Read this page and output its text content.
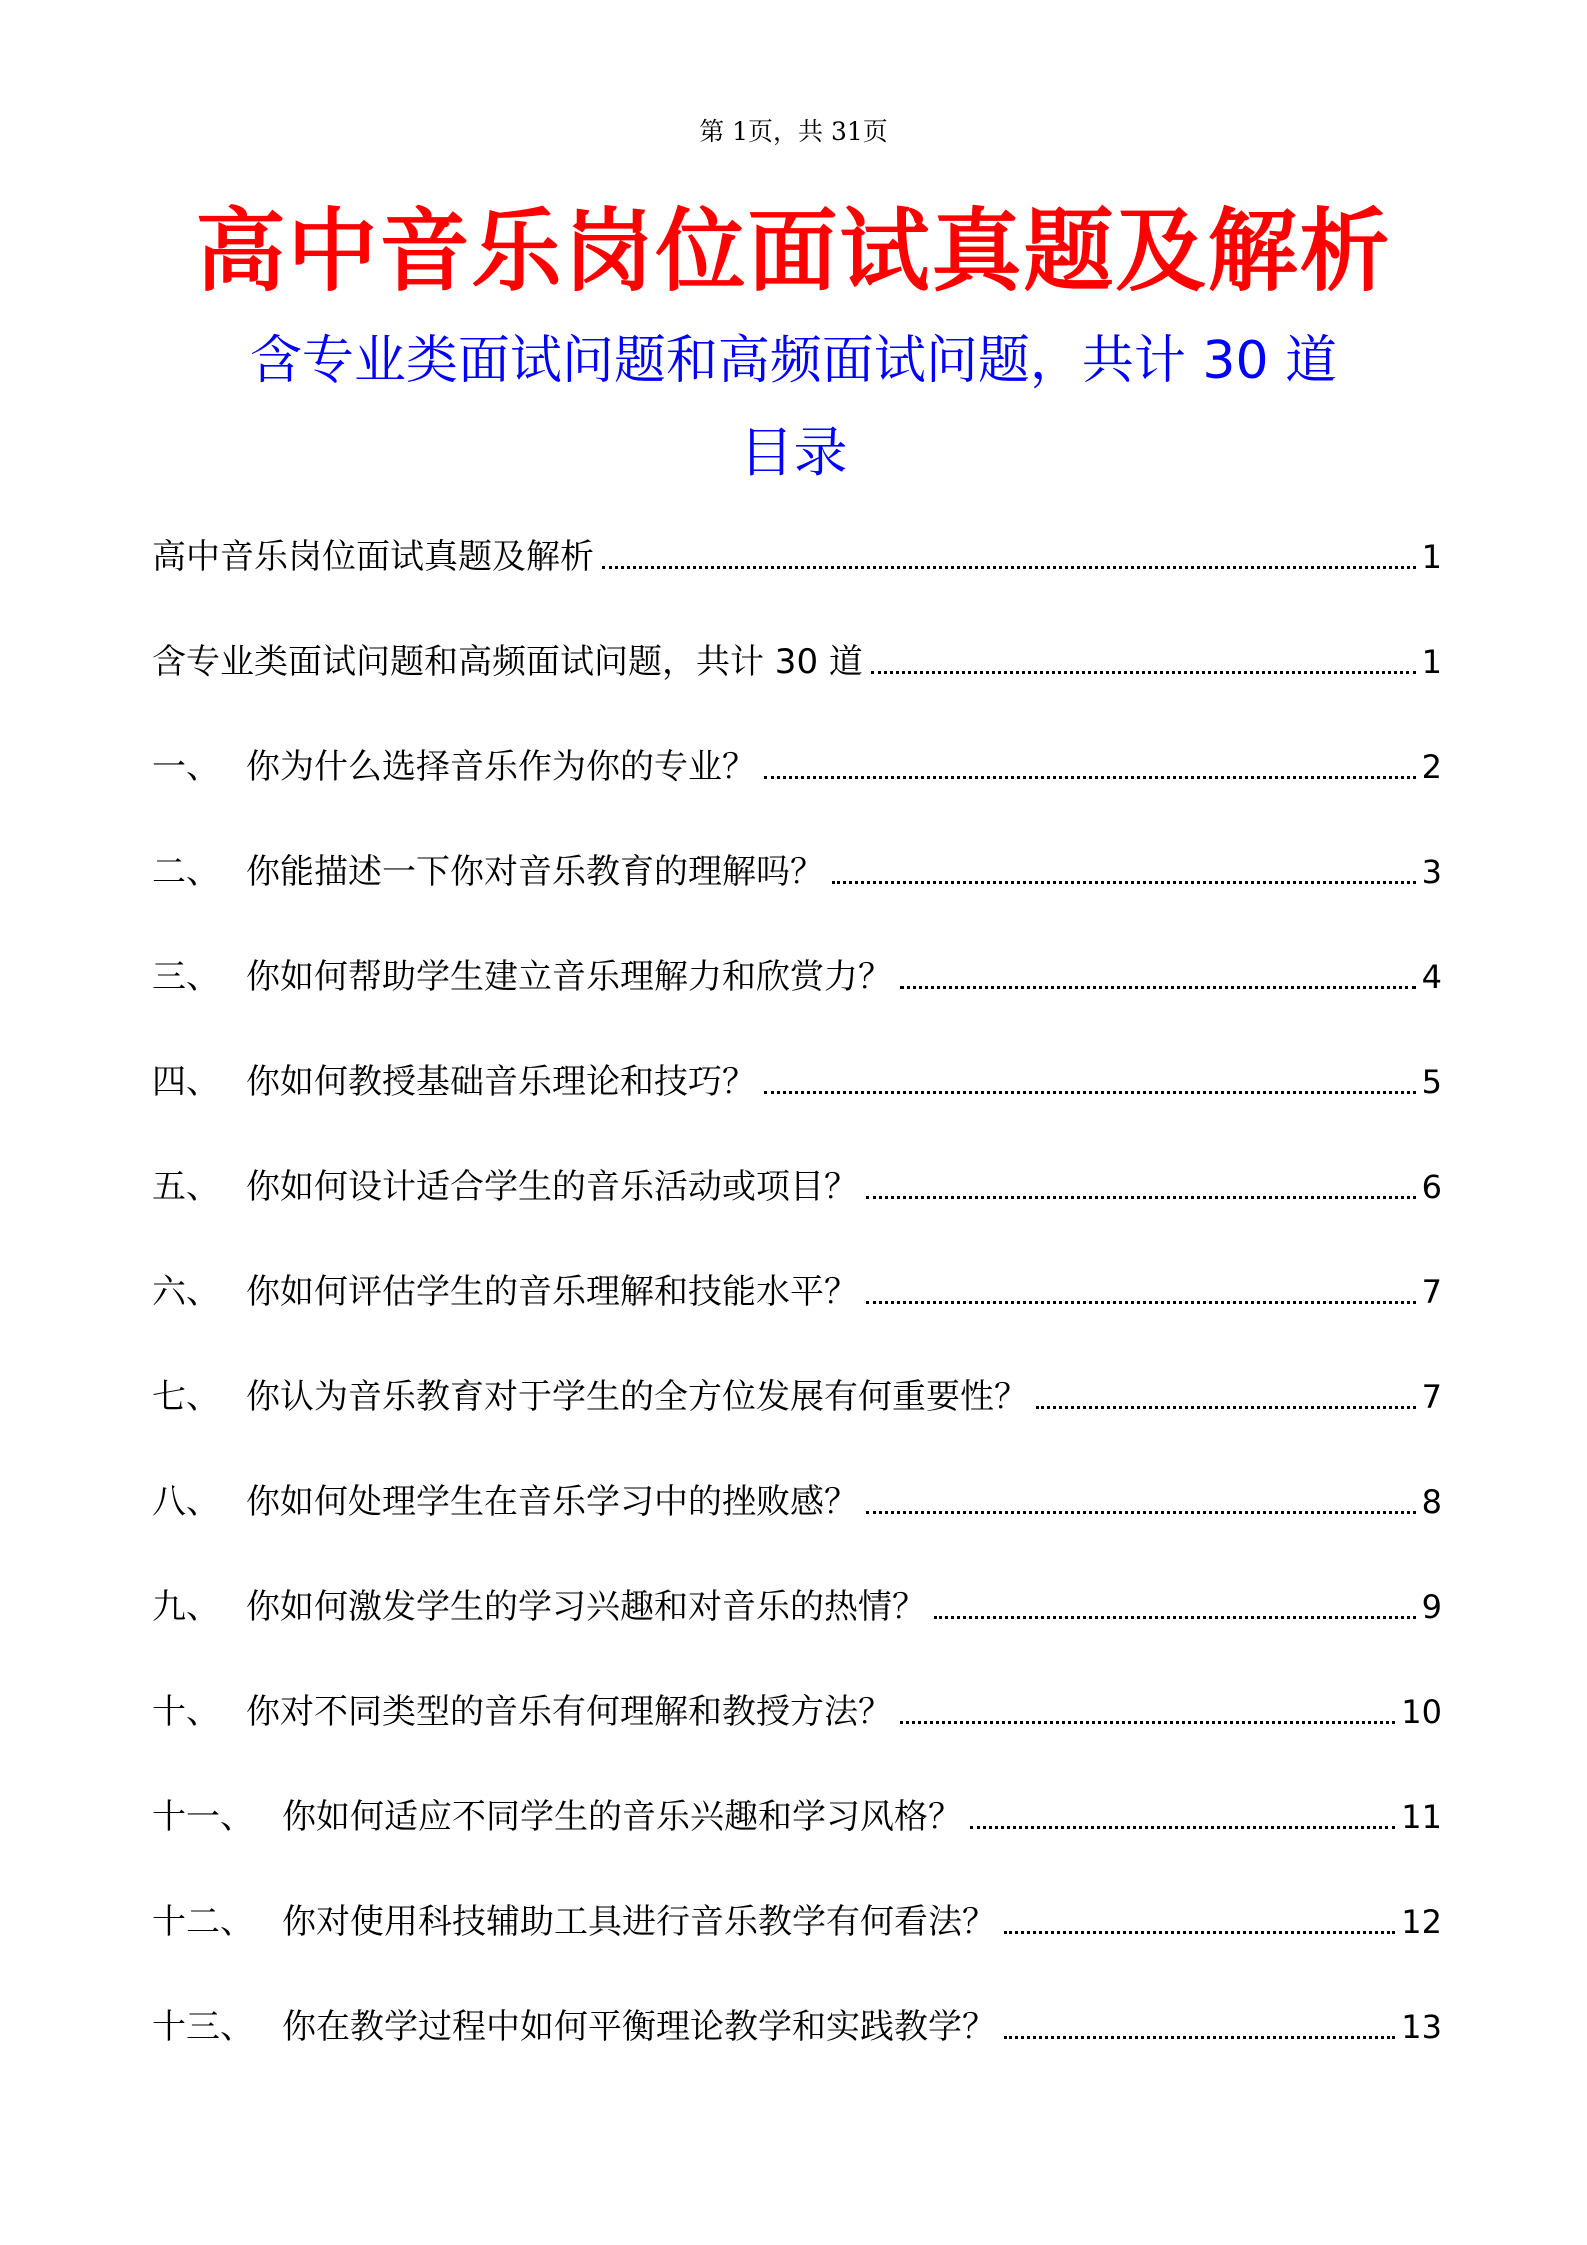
第 1页，共 31页
高中音乐岗位面试真题及解析
含专业类面试问题和高频面试问题，共计 30 道
目录
高中音乐岗位面试真题及解析	1
含专业类面试问题和高频面试问题，共计 30 道	1
一、 你为什么选择音乐作为你的专业？	2
二、 你能描述一下你对音乐教育的理解吗？	3
三、 你如何帮助学生建立音乐理解力和欣赏力？	4
四、 你如何教授基础音乐理论和技巧？	5
五、 你如何设计适合学生的音乐活动或项目？	6
六、 你如何评估学生的音乐理解和技能水平？	7
七、 你认为音乐教育对于学生的全方位发展有何重要性？	7
八、 你如何处理学生在音乐学习中的挫败感？	8
九、 你如何激发学生的学习兴趣和对音乐的热情？	9
十、 你对不同类型的音乐有何理解和教授方法？	10
十一、 你如何适应不同学生的音乐兴趣和学习风格？	11
十二、 你对使用科技辅助工具进行音乐教学有何看法？	12
十三、 你在教学过程中如何平衡理论教学和实践教学？	13
